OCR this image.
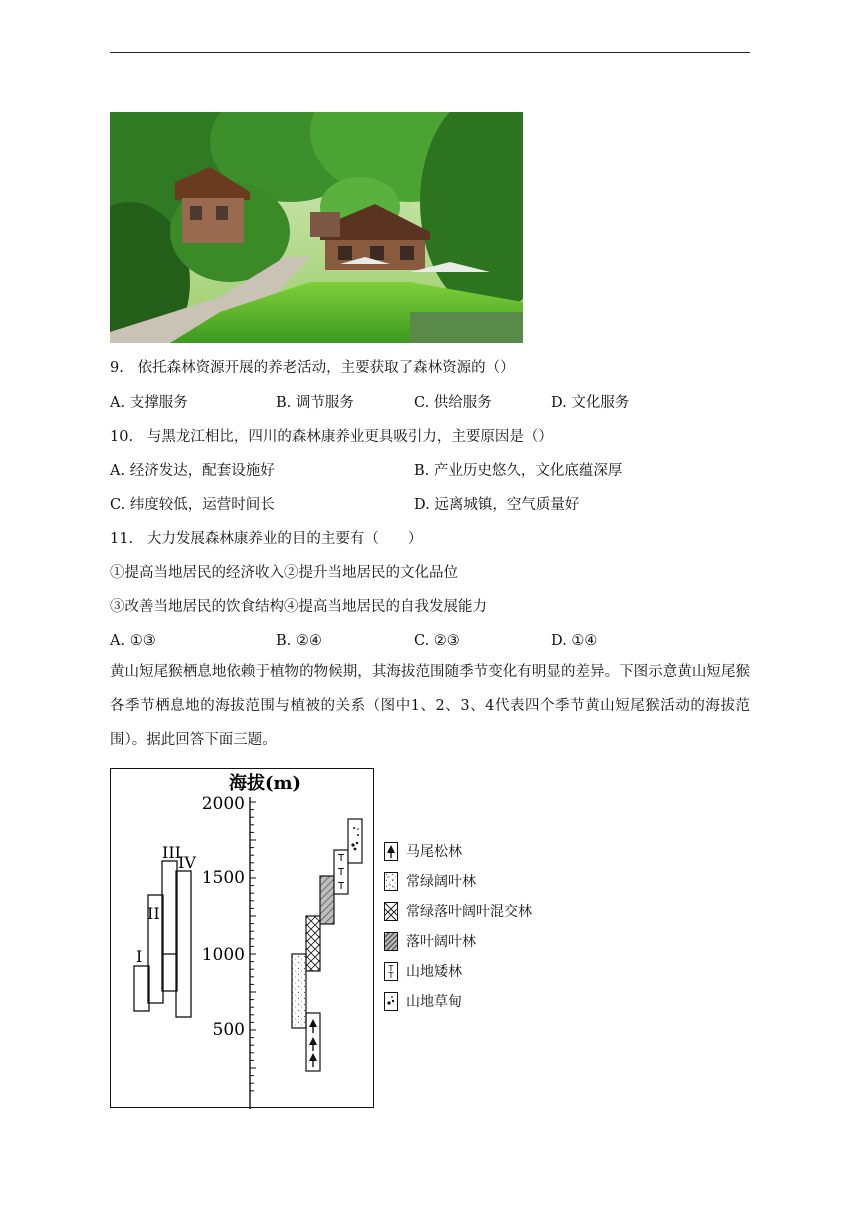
9. 依托森林资源开展的养老活动，主要获取了森林资源的（）
A. 支撑服务	B. 调节服务	C. 供给服务	D. 文化服务
10. 与黑龙江相比，四川的森林康养业更具吸引力，主要原因是（）
A. 经济发达，配套设施好	B. 产业历史悠久，文化底蕴深厚
C. 纬度较低，运营时间长	D. 远离城镇，空气质量好
11. 大力发展森林康养业的目的主要有（　　）
①提高当地居民的经济收入②提升当地居民的文化品位
③改善当地居民的饮食结构④提高当地居民的自我发展能力
A. ①③	B. ②④	C. ②③	D. ①④
黄山短尾猴栖息地依赖于植物的物候期，其海拔范围随季节变化有明显的差异。下图示意黄山短尾猴各季节栖息地的海拔范围与植被的关系（图中1、2、3、4代表四个季节黄山短尾猴活动的海拔范围）。据此回答下面三题。
海拔(m)
2000
1500
1000
500
I
II
III
IV	T
T
T
马尾松林
常绿阔叶林
常绿落叶阔叶混交林
落叶阔叶林
T
T 山地矮林
山地草甸
